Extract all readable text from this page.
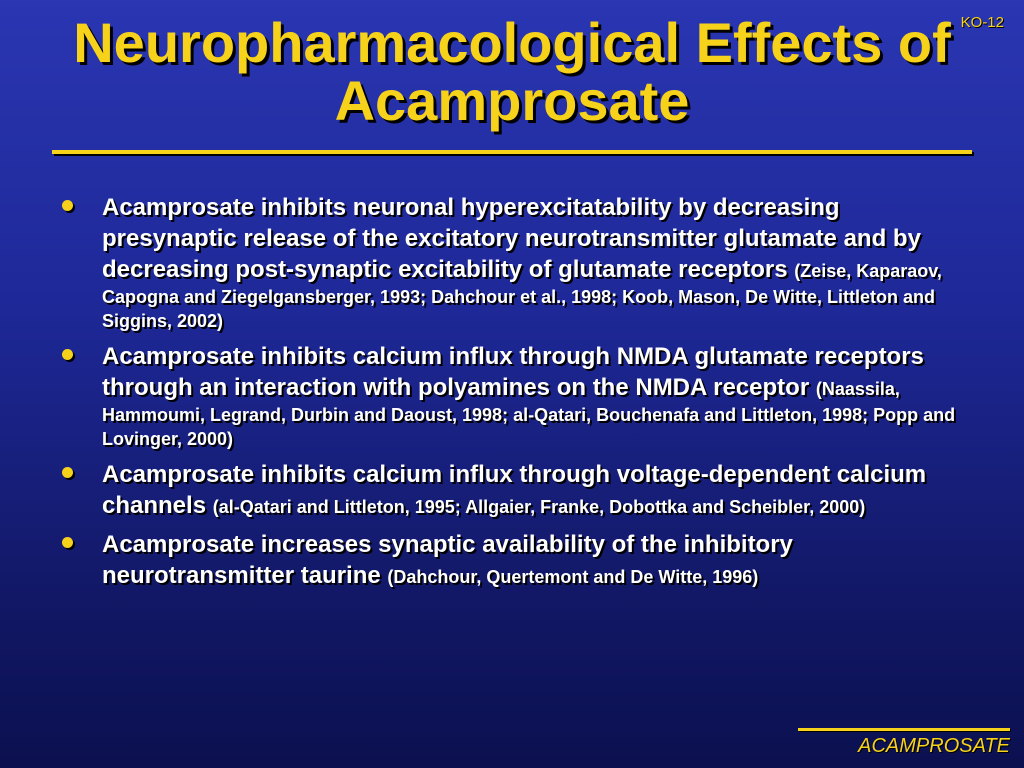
KO-12
Neuropharmacological Effects of Acamprosate
Acamprosate inhibits neuronal hyperexcitatability by decreasing presynaptic release of the excitatory neurotransmitter glutamate and by decreasing post-synaptic excitability of glutamate receptors (Zeise, Kaparaov, Capogna and Ziegelgansberger, 1993; Dahchour et al., 1998; Koob, Mason, De Witte, Littleton and Siggins, 2002)
Acamprosate inhibits calcium influx through NMDA glutamate receptors through an interaction with polyamines on the NMDA receptor (Naassila, Hammoumi, Legrand, Durbin and Daoust, 1998; al-Qatari, Bouchenafa and Littleton, 1998; Popp and Lovinger, 2000)
Acamprosate inhibits calcium influx through voltage-dependent calcium channels (al-Qatari and Littleton, 1995; Allgaier, Franke, Dobottka and Scheibler, 2000)
Acamprosate increases synaptic availability of the inhibitory neurotransmitter taurine (Dahchour, Quertemont and De Witte, 1996)
ACAMPROSATE
